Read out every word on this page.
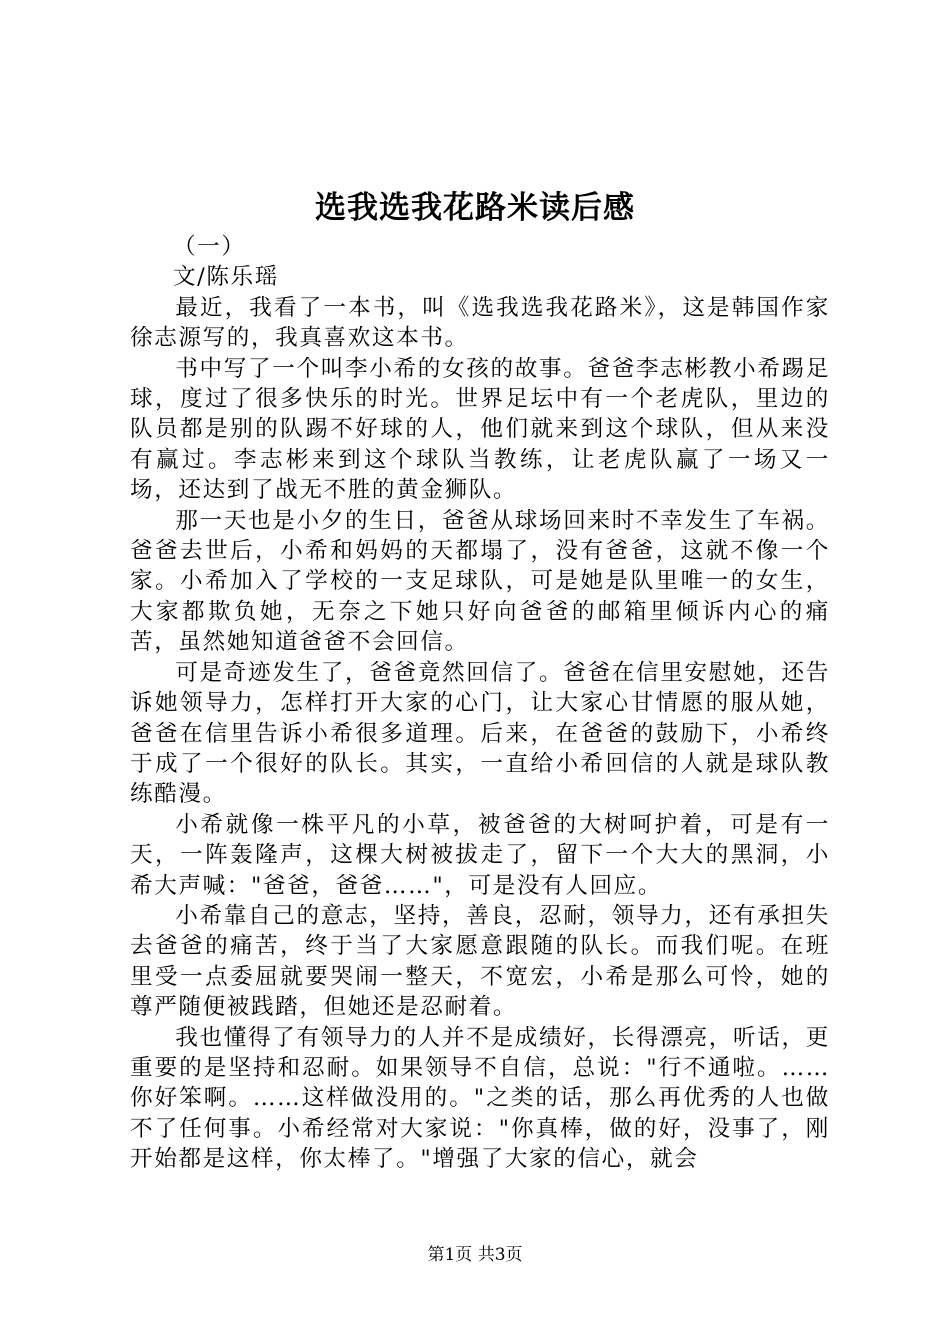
选我选我花路米读后感

（一）

文/陈乐瑶

最近，我看了一本书，叫《选我选我花路米》，这是韩国作家徐志源写的，我真喜欢这本书。

书中写了一个叫李小希的女孩的故事。爸爸李志彬教小希踢足球，度过了很多快乐的时光。世界足坛中有一个老虎队，里边的队员都是别的队踢不好球的人，他们就来到这个球队，但从来没有赢过。李志彬来到这个球队当教练，让老虎队赢了一场又一场，还达到了战无不胜的黄金狮队。

那一天也是小夕的生日，爸爸从球场回来时不幸发生了车祸。爸爸去世后，小希和妈妈的天都塌了，没有爸爸，这就不像一个家。小希加入了学校的一支足球队，可是她是队里唯一的女生，大家都欺负她，无奈之下她只好向爸爸的邮箱里倾诉内心的痛苦，虽然她知道爸爸不会回信。

可是奇迹发生了，爸爸竟然回信了。爸爸在信里安慰她，还告诉她领导力，怎样打开大家的心门，让大家心甘情愿的服从她，爸爸在信里告诉小希很多道理。后来，在爸爸的鼓励下，小希终于成了一个很好的队长。其实，一直给小希回信的人就是球队教练酷漫。

小希就像一株平凡的小草，被爸爸的大树呵护着，可是有一天，一阵轰隆声，这棵大树被拔走了，留下一个大大的黑洞，小希大声喊："爸爸，爸爸……"，可是没有人回应。

小希靠自己的意志，坚持，善良，忍耐，领导力，还有承担失去爸爸的痛苦，终于当了大家愿意跟随的队长。而我们呢。在班里受一点委屈就要哭闹一整天，不宽宏，小希是那么可怜，她的尊严随便被践踏，但她还是忍耐着。

我也懂得了有领导力的人并不是成绩好，长得漂亮，听话，更重要的是坚持和忍耐。如果领导不自信，总说："行不通啦。……你好笨啊。……这样做没用的。"之类的话，那么再优秀的人也做不了任何事。小希经常对大家说："你真棒，做的好，没事了，刚开始都是这样，你太棒了。"增强了大家的信心，就会

第1页 共3页
